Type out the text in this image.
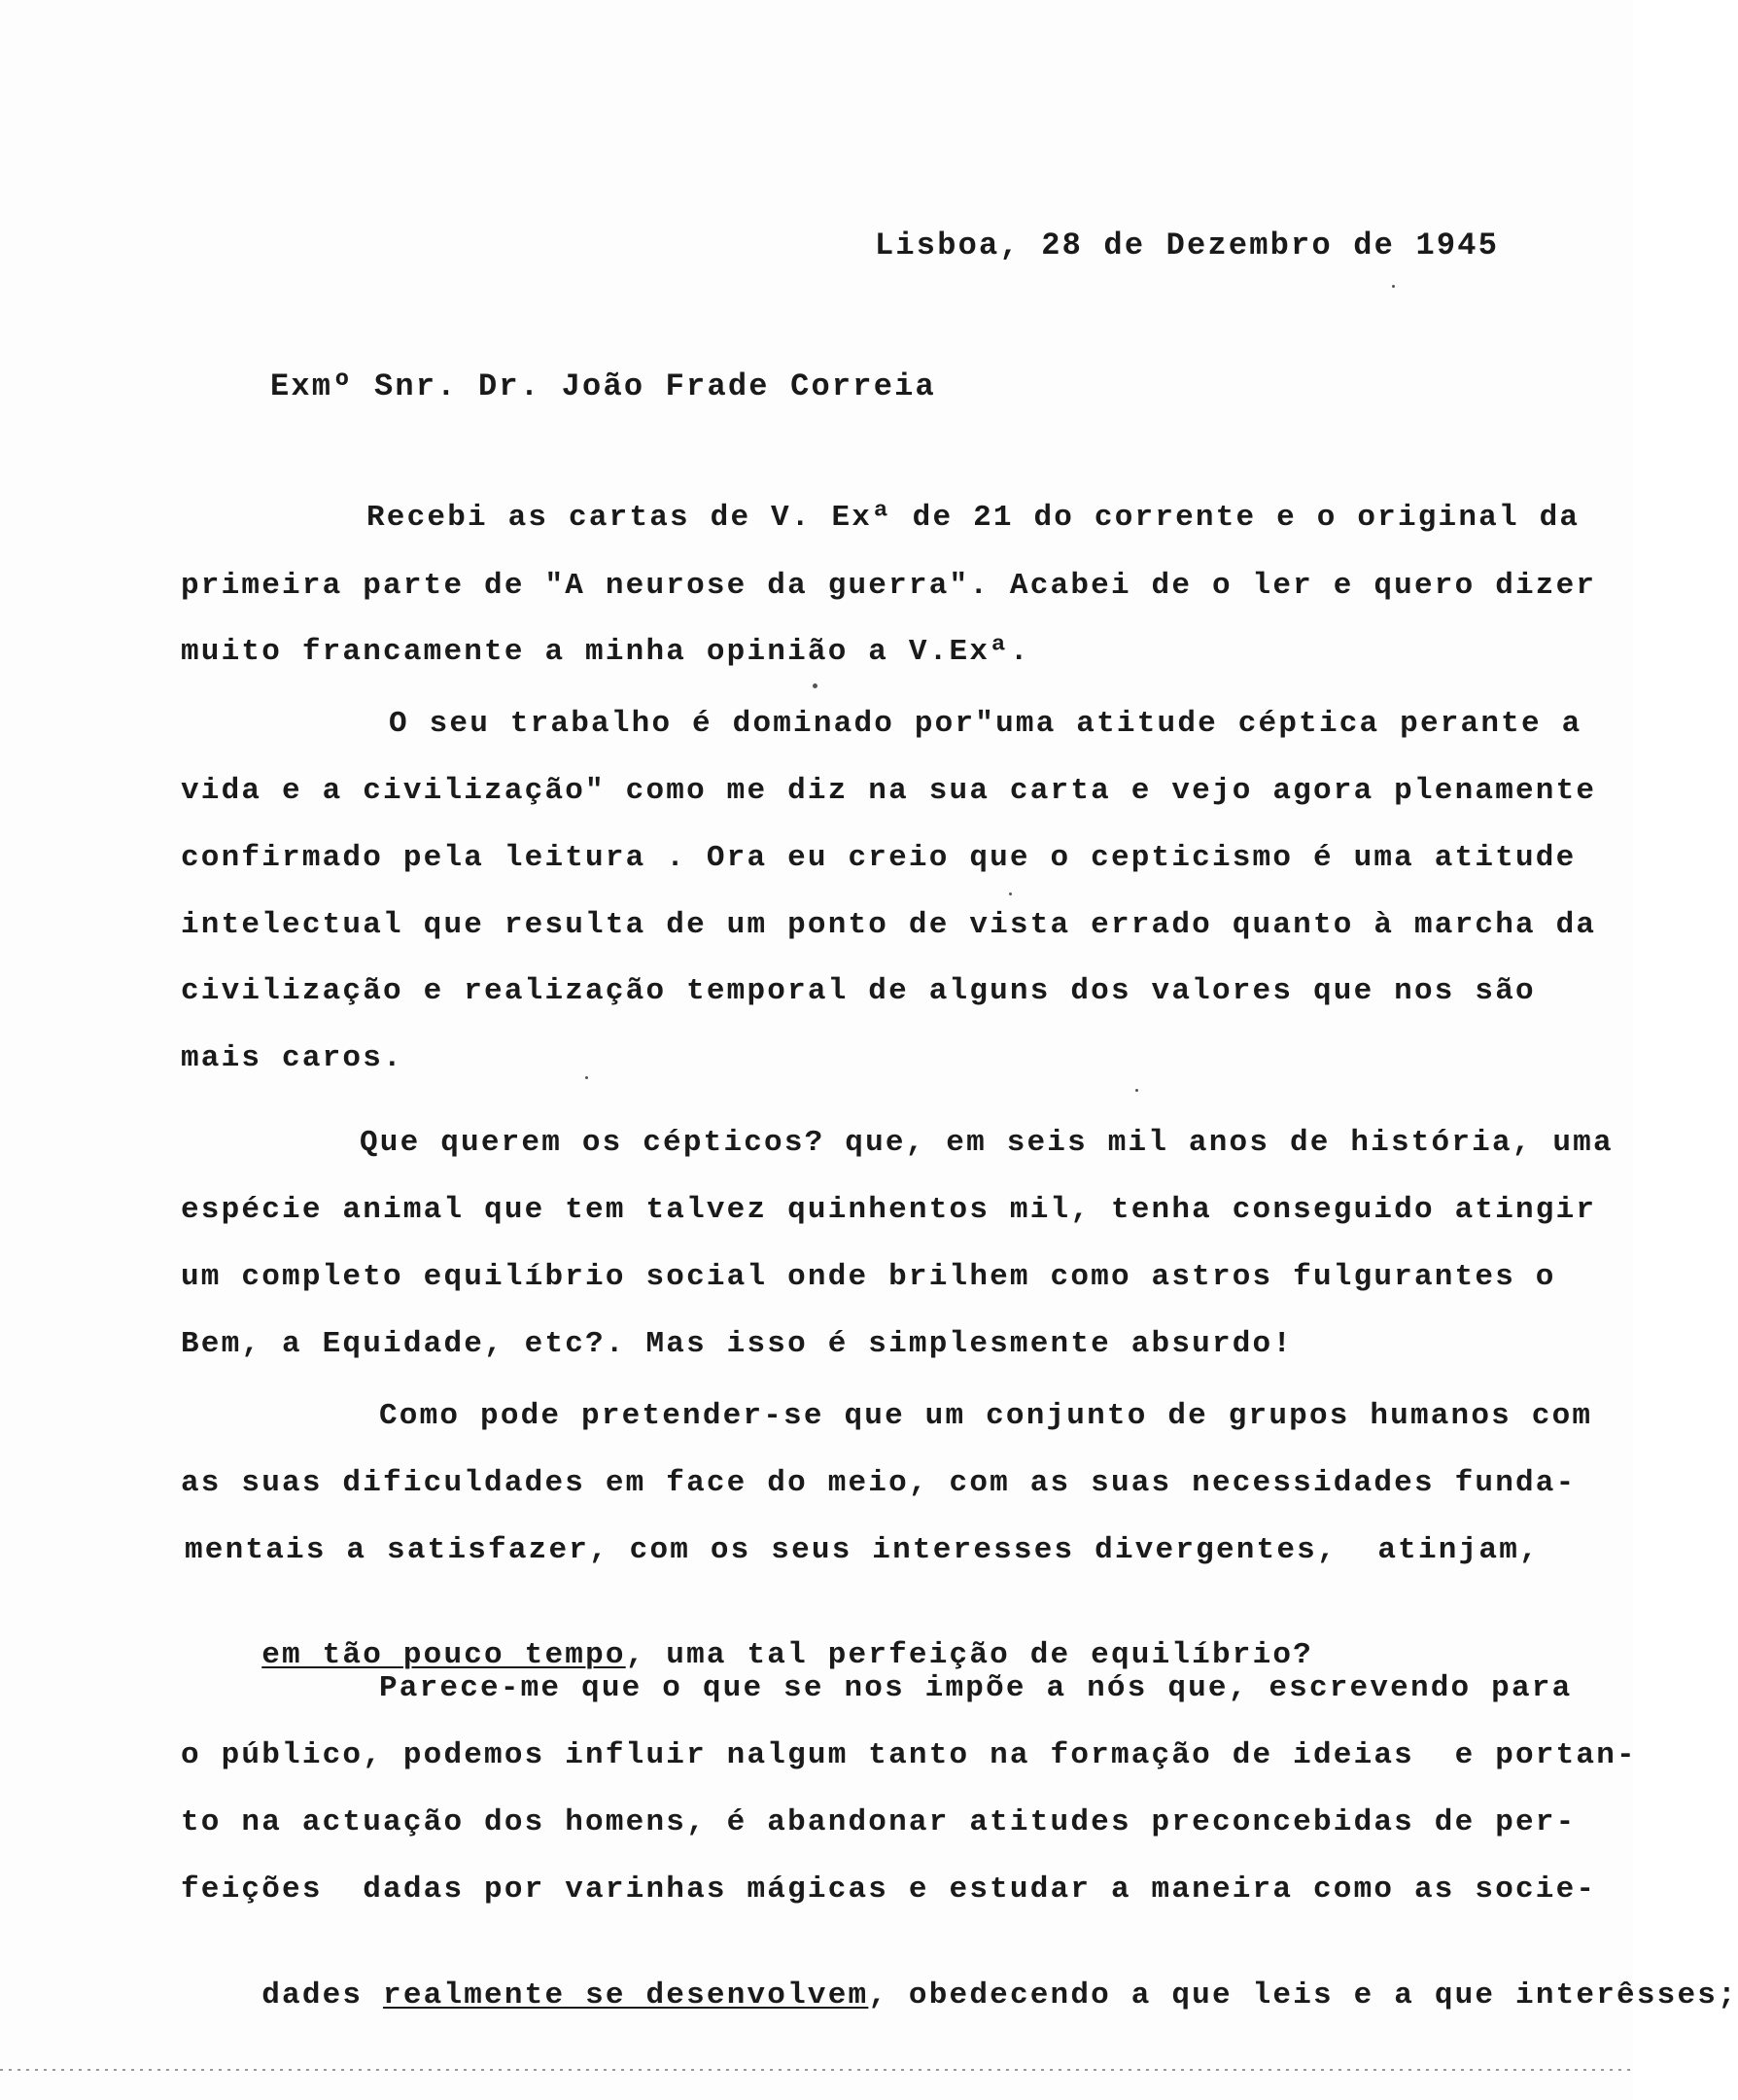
Lisboa, 28 de Dezembro de 1945
Exmº Snr. Dr. João Frade Correia
Recebi as cartas de V. Exª de 21 do corrente e o original da
primeira parte de "A neurose da guerra". Acabei de o ler e quero dizer
muito francamente a minha opinião a V.Exª.
O seu trabalho é dominado por"uma atitude céptica perante a
vida e a civilização" como me diz na sua carta e vejo agora plenamente
confirmado pela leitura . Ora eu creio que o cepticismo é uma atitude
intelectual que resulta de um ponto de vista errado quanto à marcha da
civilização e realização temporal de alguns dos valores que nos são
mais caros.
Que querem os cépticos? que, em seis mil anos de história, uma
espécie animal que tem talvez quinhentos mil, tenha conseguido atingir
um completo equilíbrio social onde brilhem como astros fulgurantes o
Bem, a Equidade, etc?. Mas isso é simplesmente absurdo!
Como pode pretender-se que um conjunto de grupos humanos com
as suas dificuldades em face do meio, com as suas necessidades funda-
mentais a satisfazer, com os seus interesses divergentes,  atinjam,

em tão pouco tempo, uma tal perfeição de equilíbrio?

Parece-me que o que se nos impõe a nós que, escrevendo para
o público, podemos influir nalgum tanto na formação de ideias  e portan-
to na actuação dos homens, é abandonar atitudes preconcebidas de per-
feições  dadas por varinhas mágicas e estudar a maneira como as socie-

dades realmente se desenvolvem, obedecendo a que leis e a que interêsses;
